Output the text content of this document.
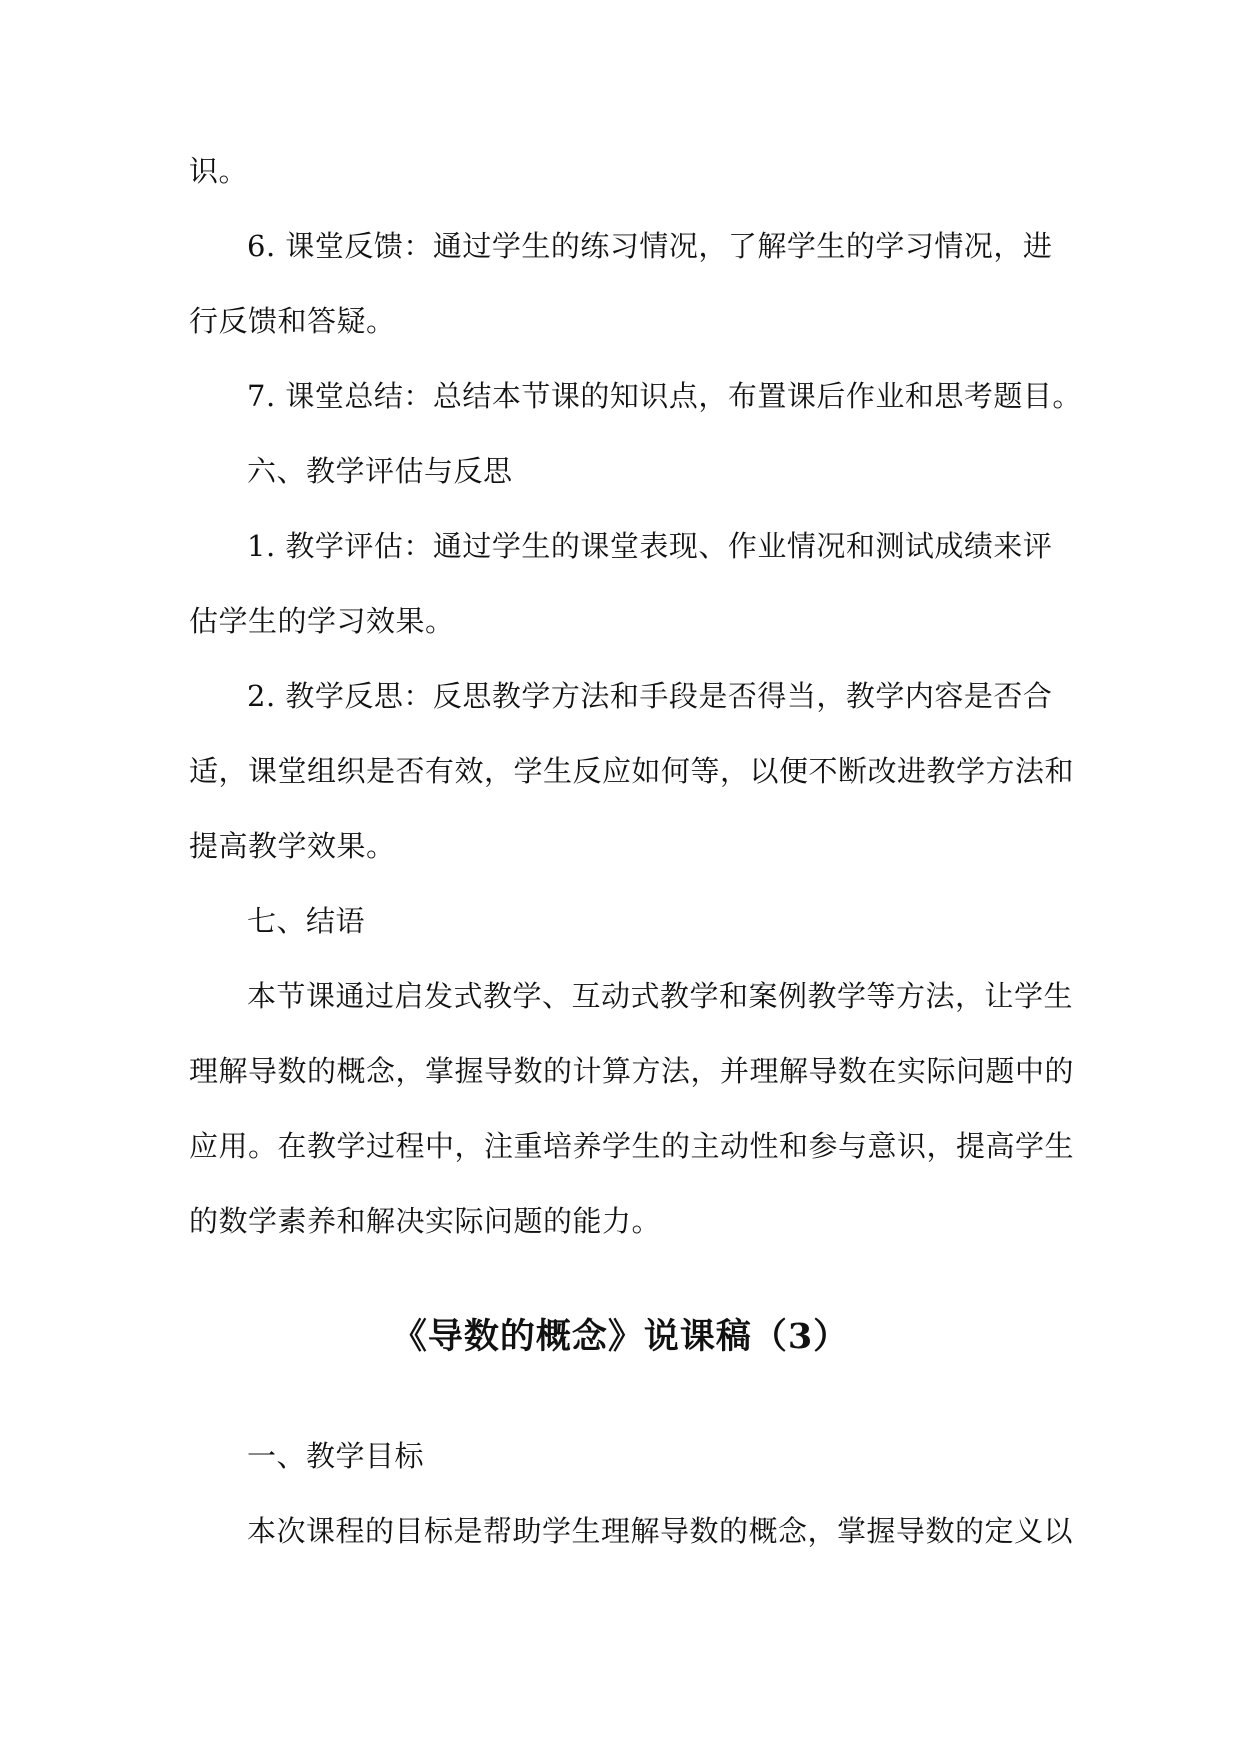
识。
6. 课堂反馈：通过学生的练习情况，了解学生的学习情况，进
行反馈和答疑。
7. 课堂总结：总结本节课的知识点，布置课后作业和思考题目。
六、教学评估与反思
1. 教学评估：通过学生的课堂表现、作业情况和测试成绩来评
估学生的学习效果。
2. 教学反思：反思教学方法和手段是否得当，教学内容是否合
适，课堂组织是否有效，学生反应如何等，以便不断改进教学方法和
提高教学效果。
七、结语
本节课通过启发式教学、互动式教学和案例教学等方法，让学生
理解导数的概念，掌握导数的计算方法，并理解导数在实际问题中的
应用。在教学过程中，注重培养学生的主动性和参与意识，提高学生
的数学素养和解决实际问题的能力。
《导数的概念》说课稿（3）
一、教学目标
本次课程的目标是帮助学生理解导数的概念，掌握导数的定义以
